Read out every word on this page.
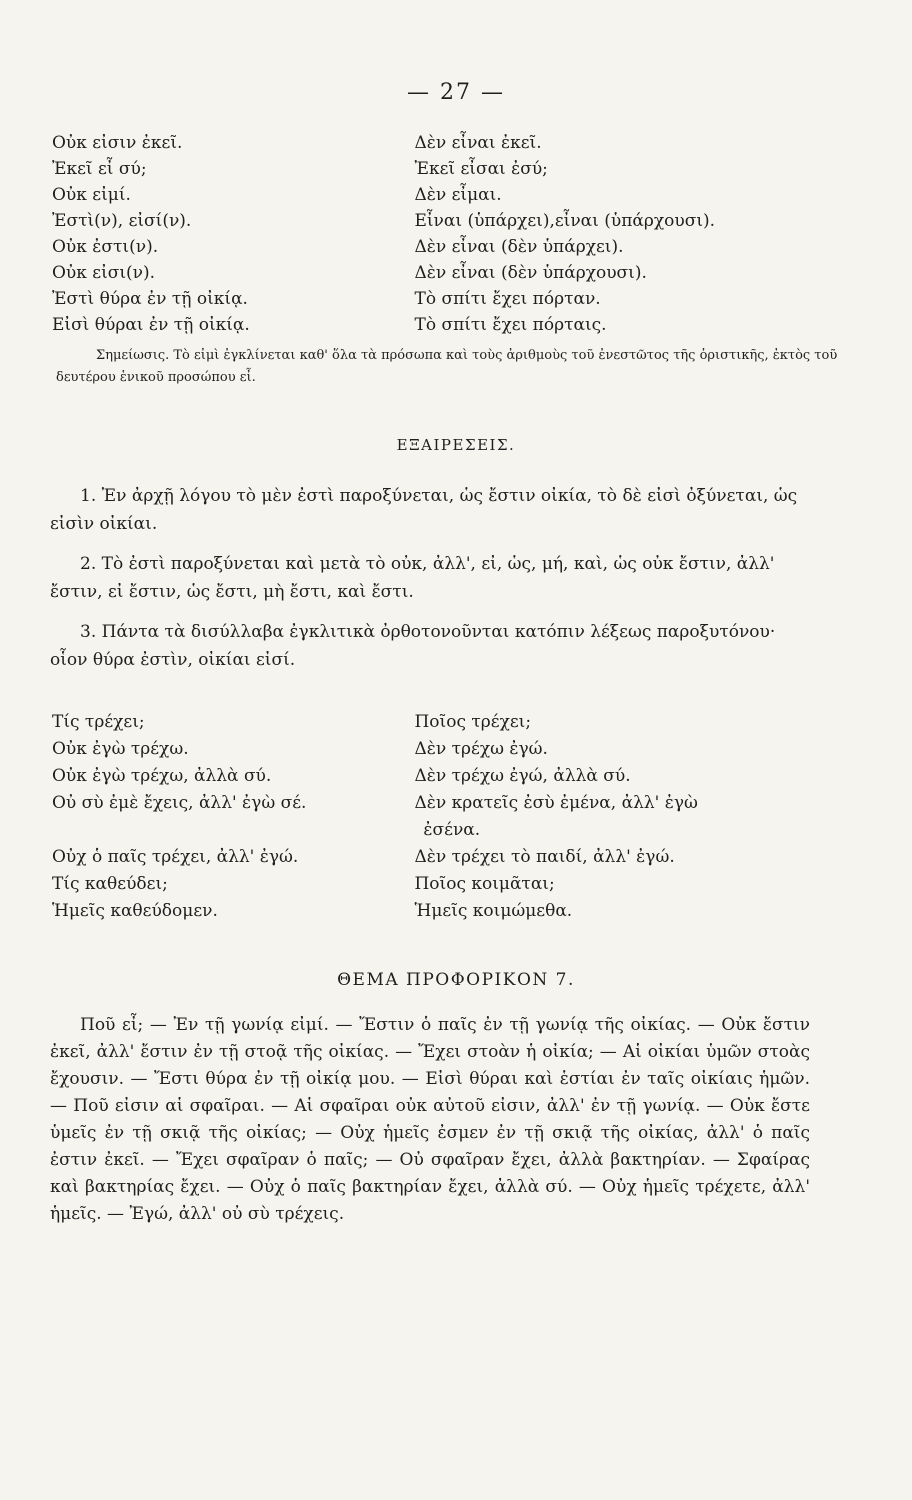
— 27 —
Οὐκ εἰσιν ἐκεῖ.	Δὲν εἶναι ἐκεῖ.
Ἐκεῖ εἶ σύ;	Ἐκεῖ εἶσαι ἐσύ;
Οὐκ εἰμί.	Δὲν εἶμαι.
Ἐστὶ(ν), εἰσί(ν).	Εἶναι (ὑπάρχει),εἶναι (ὑπάρχουσι).
Οὐκ ἐστι(ν).	Δὲν εἶναι (δὲν ὑπάρχει).
Οὐκ εἰσι(ν).	Δὲν εἶναι (δὲν ὑπάρχουσι).
Ἐστὶ θύρα ἐν τῇ οἰκίᾳ.	Τὸ σπίτι ἔχει πόρταν.
Εἰσὶ θύραι ἐν τῇ οἰκίᾳ.	Τὸ σπίτι ἔχει πόρταις.
Σημείωσις. Τὸ εἰμὶ ἐγκλίνεται καθ' ὅλα τὰ πρόσωπα καὶ τοὺς ἀριθμοὺς τοῦ ἐνεστῶτος τῆς ὁριστικῆς, ἐκτὸς τοῦ δευτέρου ἑνικοῦ προσώπου εἶ.
ΕΞΑΙΡΕΣΕΙΣ.

1. Ἐν ἀρχῇ λόγου τὸ μὲν ἐστὶ παροξύνεται, ὡς ἔστιν οἰκία, τὸ δὲ εἰσὶ ὀξύνεται, ὡς εἰσὶν οἰκίαι.

2. Τὸ ἐστὶ παροξύνεται καὶ μετὰ τὸ οὐκ, ἀλλ', εἰ, ὡς, μή, καὶ, ὡς οὐκ ἔστιν, ἀλλ' ἔστιν, εἰ ἔστιν, ὡς ἔστι, μὴ ἔστι, καὶ ἔστι.

3. Πάντα τὰ δισύλλαβα ἐγκλιτικὰ ὀρθοτονοῦνται κατόπιν λέξεως παροξυτόνου· οἷον θύρα ἐστὶν, οἰκίαι εἰσί.

Τίς τρέχει;	Ποῖος τρέχει;
Οὐκ ἐγὼ τρέχω.	Δὲν τρέχω ἐγώ.
Οὐκ ἐγὼ τρέχω, ἀλλὰ σύ.	Δὲν τρέχω ἐγώ, ἀλλὰ σύ.
Οὐ σὺ ἐμὲ ἔχεις, ἀλλ' ἐγὼ σέ.	Δὲν κρατεῖς ἐσὺ ἐμένα, ἀλλ' ἐγὼ
ἐσένα.
Οὐχ ὁ παῖς τρέχει, ἀλλ' ἐγώ.	Δὲν τρέχει τὸ παιδί, ἀλλ' ἐγώ.
Τίς καθεύδει;	Ποῖος κοιμᾶται;
Ἡμεῖς καθεύδομεν.	Ἡμεῖς κοιμώμεθα.
ΘΕΜΑ ΠΡΟΦΟΡΙΚΟΝ 7.
Ποῦ εἶ; — Ἐν τῇ γωνίᾳ εἰμί. — Ἔστιν ὁ παῖς ἐν τῇ γωνίᾳ τῆς οἰκίας. — Οὐκ ἔστιν ἐκεῖ, ἀλλ' ἔστιν ἐν τῇ στοᾷ τῆς οἰκίας. — Ἔχει στοὰν ἡ οἰκία; — Αἱ οἰκίαι ὑμῶν στοὰς ἔχουσιν. — Ἔστι θύρα ἐν τῇ οἰκίᾳ μου. — Εἰσὶ θύραι καὶ ἑστίαι ἐν ταῖς οἰκίαις ἡμῶν. — Ποῦ εἰσιν αἱ σφαῖραι. — Αἱ σφαῖραι οὐκ αὐτοῦ εἰσιν, ἀλλ' ἐν τῇ γωνίᾳ. — Οὐκ ἔστε ὑμεῖς ἐν τῇ σκιᾷ τῆς οἰκίας; — Οὐχ ἡμεῖς ἐσμεν ἐν τῇ σκιᾷ τῆς οἰκίας, ἀλλ' ὁ παῖς ἐστιν ἐκεῖ. — Ἔχει σφαῖραν ὁ παῖς; — Οὐ σφαῖραν ἔχει, ἀλλὰ βακτηρίαν. — Σφαίρας καὶ βακτηρίας ἔχει. — Οὐχ ὁ παῖς βακτηρίαν ἔχει, ἀλλὰ σύ. — Οὐχ ἡμεῖς τρέχετε, ἀλλ' ἡμεῖς. — Ἐγώ, ἀλλ' οὐ σὺ τρέχεις.
